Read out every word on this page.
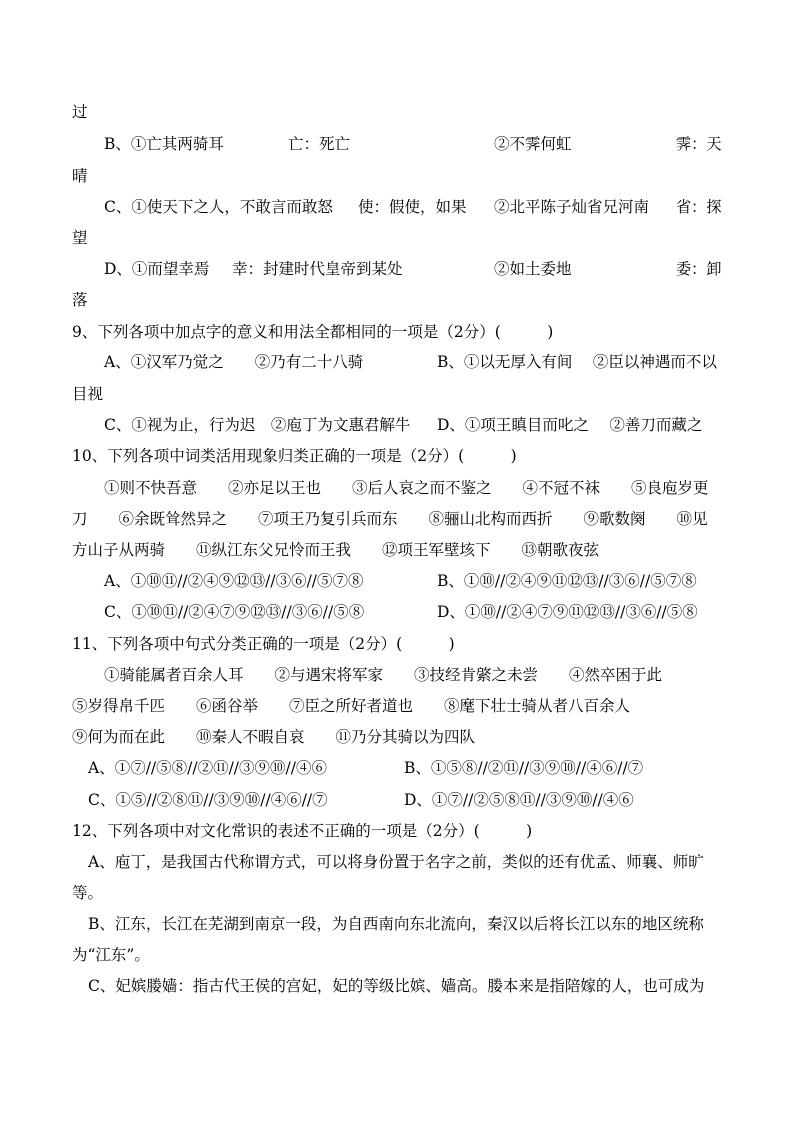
过
B、①亡其两骑耳	亡：死亡	②不霁何虹	霁：天
晴
C、①使天下之人，不敢言而敢怒 使：假使，如果 ②北平陈子灿省兄河南 省：探
望
D、①而望幸焉 幸：封建时代皇帝到某处	②如土委地	委：卸
落
9、下列各项中加点字的意义和用法全都相同的一项是（2分）(　　　)
A、①汉军乃觉之　　②乃有二十八骑	B、①以无厚入有间　 ②臣以神遇而不以
目视
C、①视为止，行为迟　②庖丁为文惠君解牛 D、①项王瞋目而叱之　 ②善刀而藏之
10、下列各项中词类活用现象归类正确的一项是（2分）(　　　)
①则不快吾意　　②亦足以王也　　③后人哀之而不鉴之　　④不冠不袜　　⑤良庖岁更
刀　　⑥余既耸然异之　　⑦项王乃复引兵而东　　⑧骊山北构而西折　　⑨歌数阕　　⑩见
方山子从两骑　　⑪纵江东父兄怜而王我　　⑫项王军壁垓下　　⑬朝歌夜弦
A、①⑩⑪//②④⑨⑫⑬//③⑥//⑤⑦⑧	B、①⑩//②④⑨⑪⑫⑬//③⑥//⑤⑦⑧
C、①⑩⑪//②④⑦⑨⑫⑬//③⑥//⑤⑧	D、①⑩//②④⑦⑨⑪⑫⑬//③⑥//⑤⑧
11、下列各项中句式分类正确的一项是（2分）(　　　)
①骑能属者百余人耳　　②与遇宋将军家　　③技经肯綮之未尝　　④然卒困于此
⑤岁得帛千匹　　⑥函谷举　　⑦臣之所好者道也　　⑧麾下壮士骑从者八百余人
⑨何为而在此　　⑩秦人不暇自哀　　⑪乃分其骑以为四队
A、①⑦//⑤⑧//②⑪//③⑨⑩//④⑥	B、①⑤⑧//②⑪//③⑨⑩//④⑥//⑦
C、①⑤//②⑧⑪//③⑨⑩//④⑥//⑦	D、①⑦//②⑤⑧⑪//③⑨⑩//④⑥
12、下列各项中对文化常识的表述不正确的一项是（2分）(　　　)
A、庖丁，是我国古代称谓方式，可以将身份置于名字之前，类似的还有优孟、师襄、师旷
等。
B、江东，长江在芜湖到南京一段，为自西南向东北流向，秦汉以后将长江以东的地区统称
为“江东”。
C、妃嫔媵嫱：指古代王侯的宫妃，妃的等级比嫔、嫱高。媵本来是指陪嫁的人，也可成为
